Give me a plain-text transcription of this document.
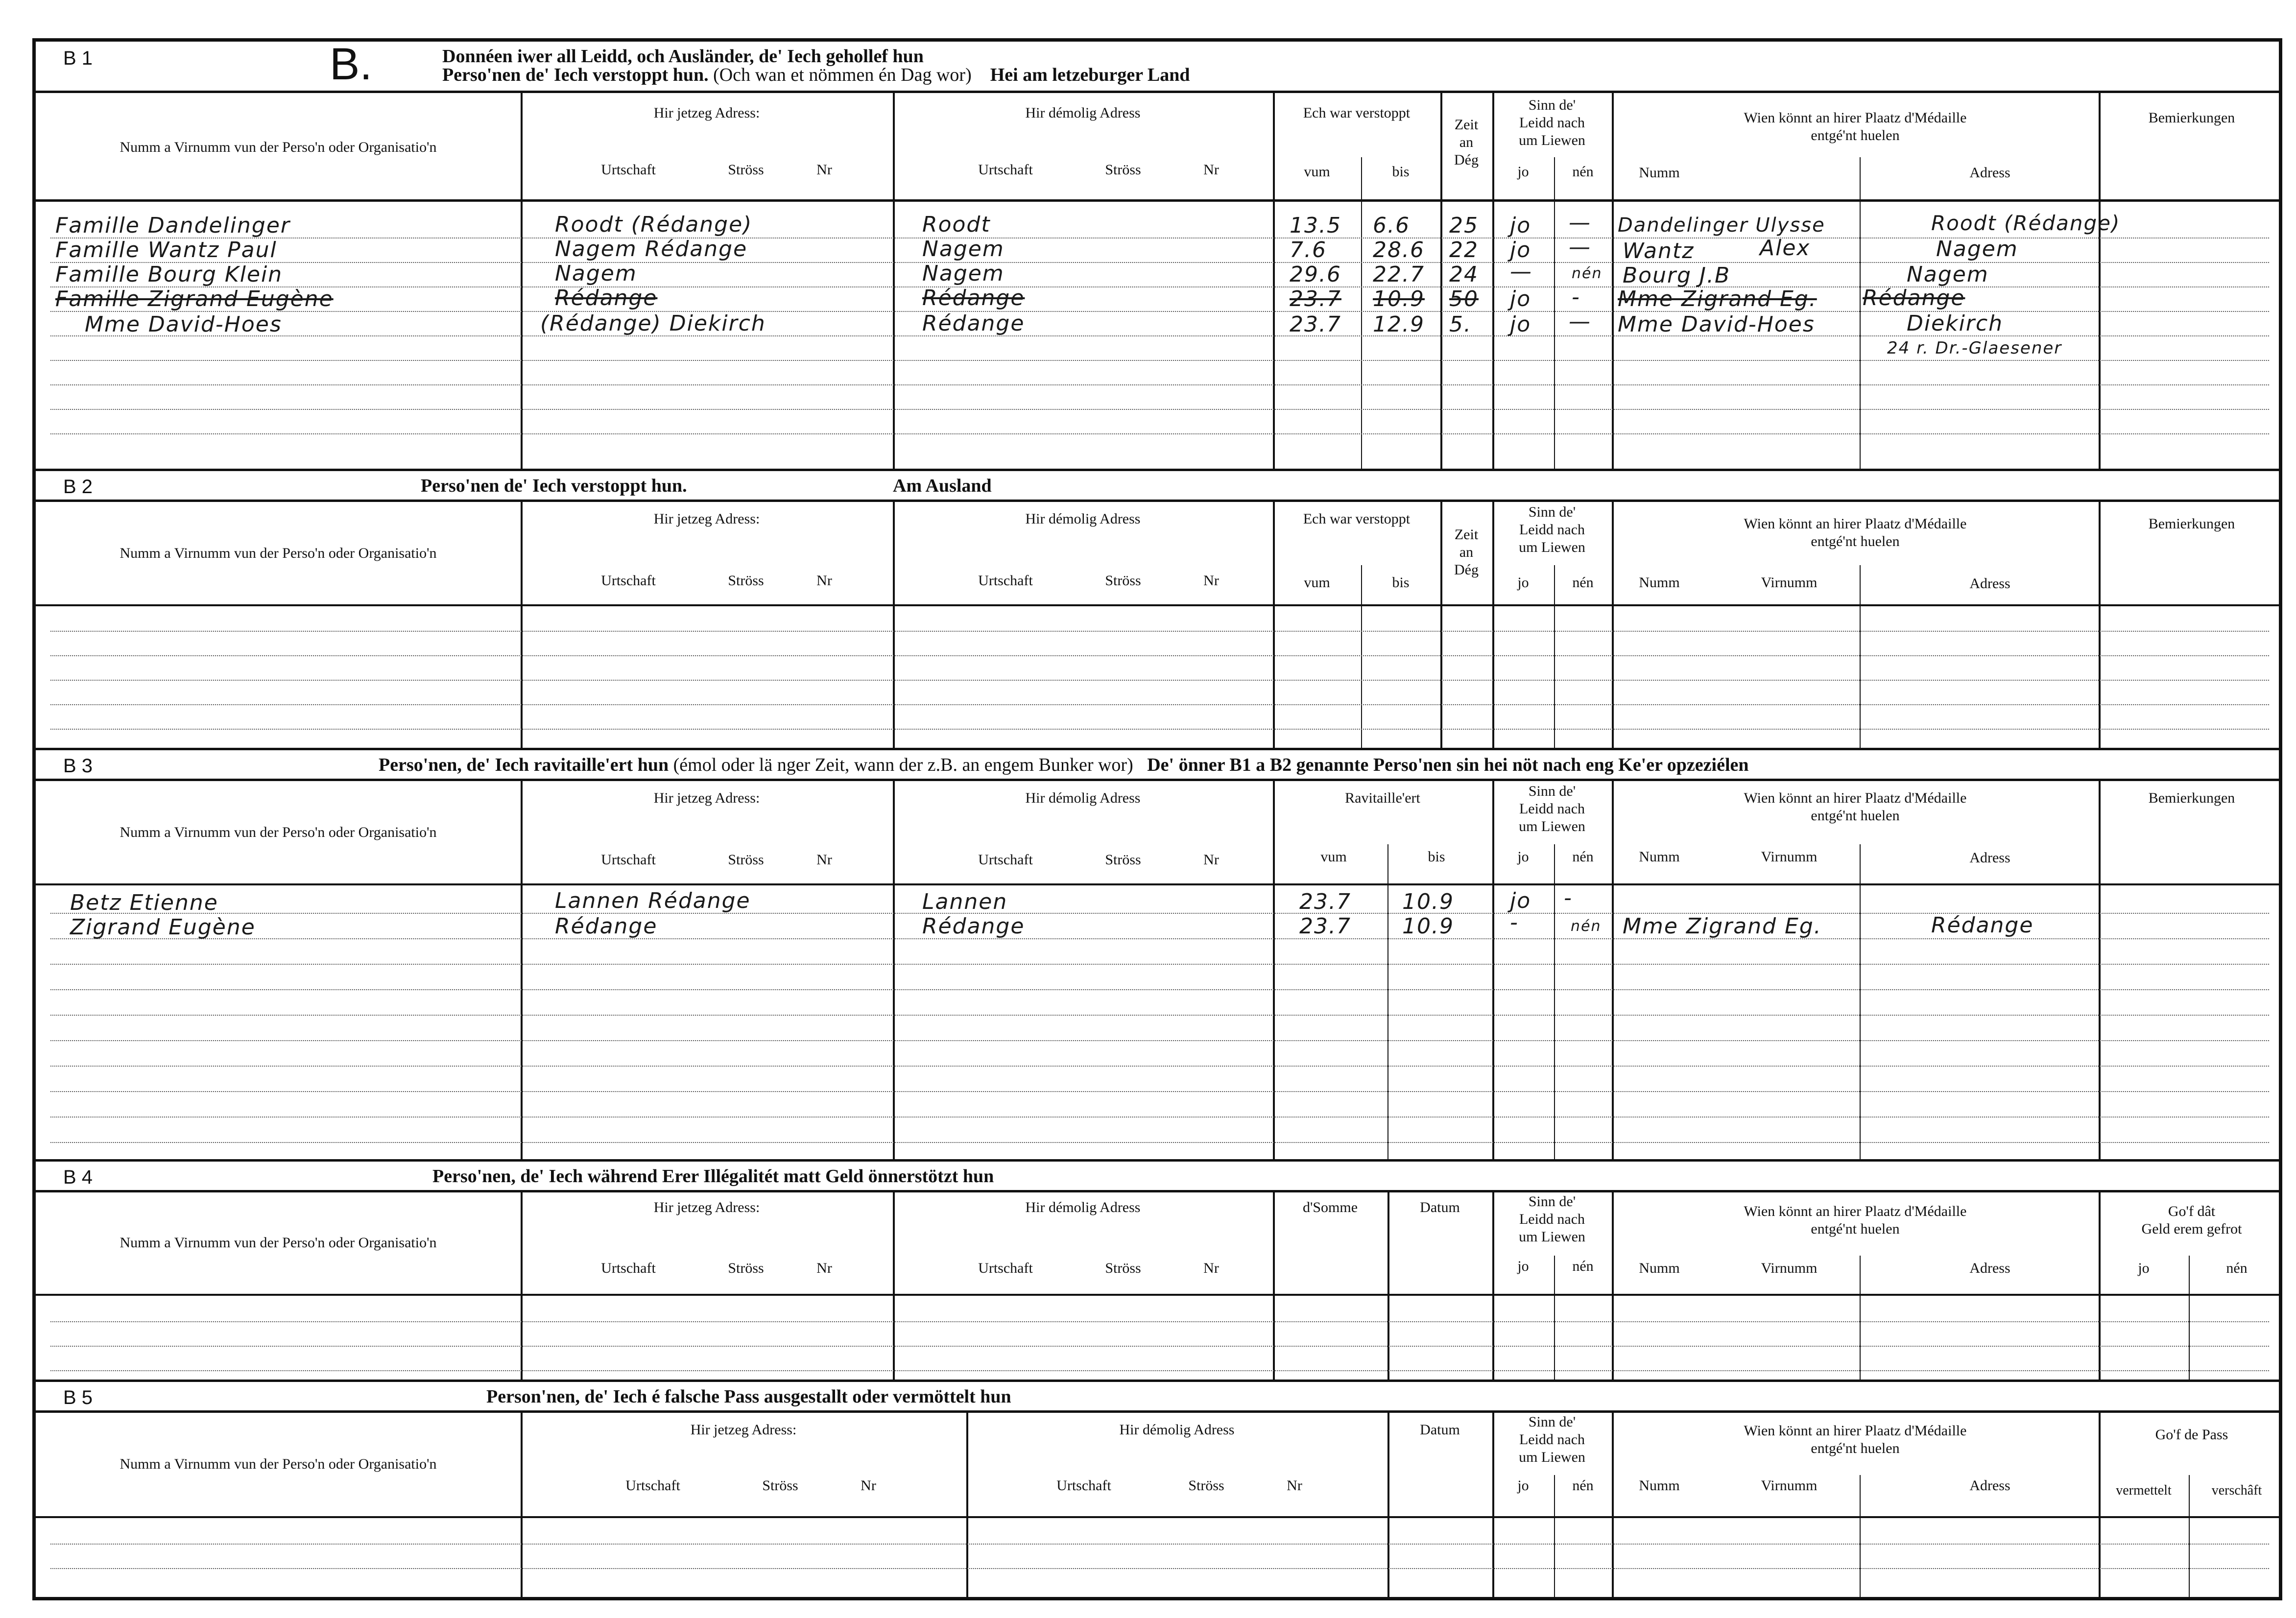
B 1	B.	Donnéen iwer all Leidd, och Ausländer, de' Iech gehollef hun
Perso'nen de' Iech verstoppt hun. (Och wan et nömmen én Dag wor) Hei am letzeburger Land
Numm a Virnumm vun der Perso'n oder Organisatio'n
Hir jetzeg Adress:
Urtschaft	Ströss	Nr
Hir démolig Adress
Urtschaft	Ströss	Nr
Ech war verstoppt
vum	bis
Zeit
an
Dég
Sinn de'
Leidd nach
um Liewen
jo	nén
Wien könnt an hirer Plaatz d'Médaille
entgé'nt huelen
Numm	Adress
Bemierkungen
Famille Dandelinger	Roodt (Rédange)	Roodt	13.5 6.6 25 jo — Dandelinger Ulysse	Roodt (Rédange)
Famille Wantz Paul	Nagem Rédange	Nagem	7.6 28.6 22 jo — Wantz	Alex	Nagem
Famille Bourg Klein	Nagem	Nagem	29.6 22.7 24 —	nén Bourg J.B	Nagem
Famille Zigrand Eugène	Rédange	Rédange	23.7 10.9 50 jo - Mme Zigrand Eg. Rédange
Mme David-Hoes	(Rédange) Diekirch	Rédange	23.7 12.9 5. jo — Mme David-Hoes	Diekirch
24 r. Dr.-Glaesener
B 2	Perso'nen de' Iech verstoppt hun.	Am Ausland
Numm a Virnumm vun der Perso'n oder Organisatio'n
Hir jetzeg Adress:
Urtschaft	Ströss	Nr
Hir démolig Adress
Urtschaft	Ströss	Nr
Ech war verstoppt
vum	bis
Zeit
an
Dég
Sinn de'
Leidd nach
um Liewen
jo	nén
Wien könnt an hirer Plaatz d'Médaille
entgé'nt huelen
Numm	Virnumm	Adress
Bemierkungen
B 3	Perso'nen, de' Iech ravitaille'ert hun (émol oder lä nger Zeit, wann der z.B. an engem Bunker wor) De' önner B1 a B2 genannte Perso'nen sin hei nöt nach eng Ke'er opzeziélen
Numm a Virnumm vun der Perso'n oder Organisatio'n
Hir jetzeg Adress:
Urtschaft	Ströss	Nr
Hir démolig Adress
Urtschaft	Ströss	Nr
Ravitaille'ert
vum	bis
Sinn de'
Leidd nach
um Liewen
jo	nén
Wien könnt an hirer Plaatz d'Médaille
entgé'nt huelen
Numm	Virnumm	Adress
Bemierkungen
Betz Etienne	Lannen Rédange	Lannen	23.7 10.9	jo -
Zigrand Eugène	Rédange	Rédange	23.7 10.9	-	nén Mme Zigrand Eg.	Rédange
B 4	Perso'nen, de' Iech während Erer Illégalitét matt Geld önnerstötzt hun
Numm a Virnumm vun der Perso'n oder Organisatio'n
Hir jetzeg Adress:
Urtschaft	Ströss	Nr
Hir démolig Adress
Urtschaft	Ströss	Nr
d'Somme	Datum	Sinn de'
Leidd nach
um Liewen
jo	nén
Wien könnt an hirer Plaatz d'Médaille
entgé'nt huelen
Numm	Virnumm	Adress
Go'f dât
Geld erem gefrot
jo	nén
B 5	Person'nen, de' Iech é falsche Pass ausgestallt oder vermöttelt hun
Numm a Virnumm vun der Perso'n oder Organisatio'n
Hir jetzeg Adress:
Urtschaft	Ströss	Nr
Hir démolig Adress
Urtschaft	Ströss	Nr
Datum	Sinn de'
Leidd nach
um Liewen
jo	nén
Wien könnt an hirer Plaatz d'Médaille
entgé'nt huelen
Numm	Virnumm	Adress
Go'f de Pass
vermettelt	verschâft
